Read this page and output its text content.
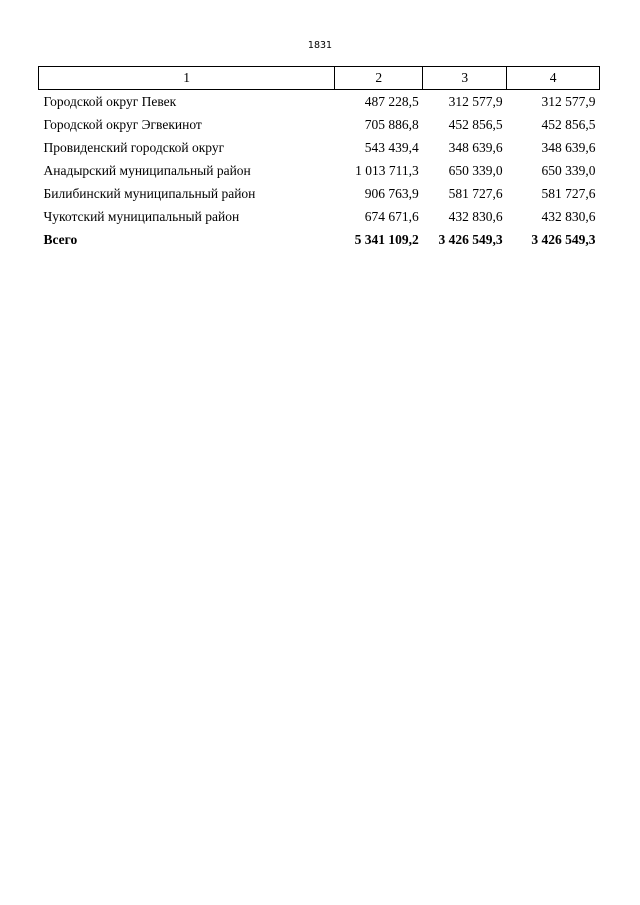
1831
1	2	3	4
Городской округ Певек	487 228,5	312 577,9	312 577,9
Городской округ Эгвекинот	705 886,8	452 856,5	452 856,5
Провиденский городской округ	543 439,4	348 639,6	348 639,6
Анадырский муниципальный район	1 013 711,3	650 339,0	650 339,0
Билибинский муниципальный район	906 763,9	581 727,6	581 727,6
Чукотский муниципальный район	674 671,6	432 830,6	432 830,6
Всего	5 341 109,2	3 426 549,3	3 426 549,3
